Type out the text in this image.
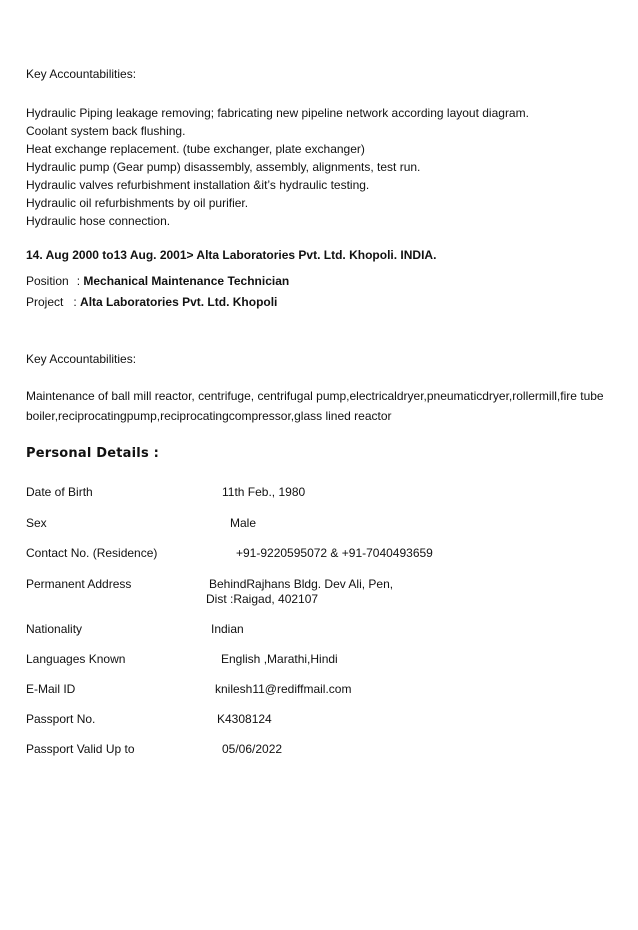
Key Accountabilities:
Hydraulic Piping leakage removing; fabricating new pipeline network according layout diagram.
Coolant system back flushing.
Heat exchange replacement. (tube exchanger, plate exchanger)
Hydraulic pump (Gear pump) disassembly, assembly, alignments, test run.
Hydraulic valves refurbishment installation &it’s hydraulic testing.
Hydraulic oil refurbishments by oil purifier.
Hydraulic hose connection.
14. Aug 2000 to13 Aug. 2001> Alta Laboratories Pvt. Ltd. Khopoli. INDIA.
Position : Mechanical Maintenance Technician
Project : Alta Laboratories Pvt. Ltd. Khopoli
Key Accountabilities:
Maintenance of ball mill reactor, centrifuge, centrifugal pump,electricaldryer,pneumaticdryer,rollermill,fire tube boiler,reciprocatingpump,reciprocatingcompressor,glass lined reactor
Personal Details :
Date of Birth	11th Feb., 1980
Sex	Male
Contact No. (Residence)	+91-9220595072 & +91-7040493659
Permanent Address	BehindRajhans Bldg. Dev Ali, Pen,
Dist :Raigad, 402107
Nationality	Indian
Languages Known	English ,Marathi,Hindi
E-Mail ID	knilesh11@rediffmail.com
Passport No.	K4308124
Passport Valid Up to	05/06/2022
